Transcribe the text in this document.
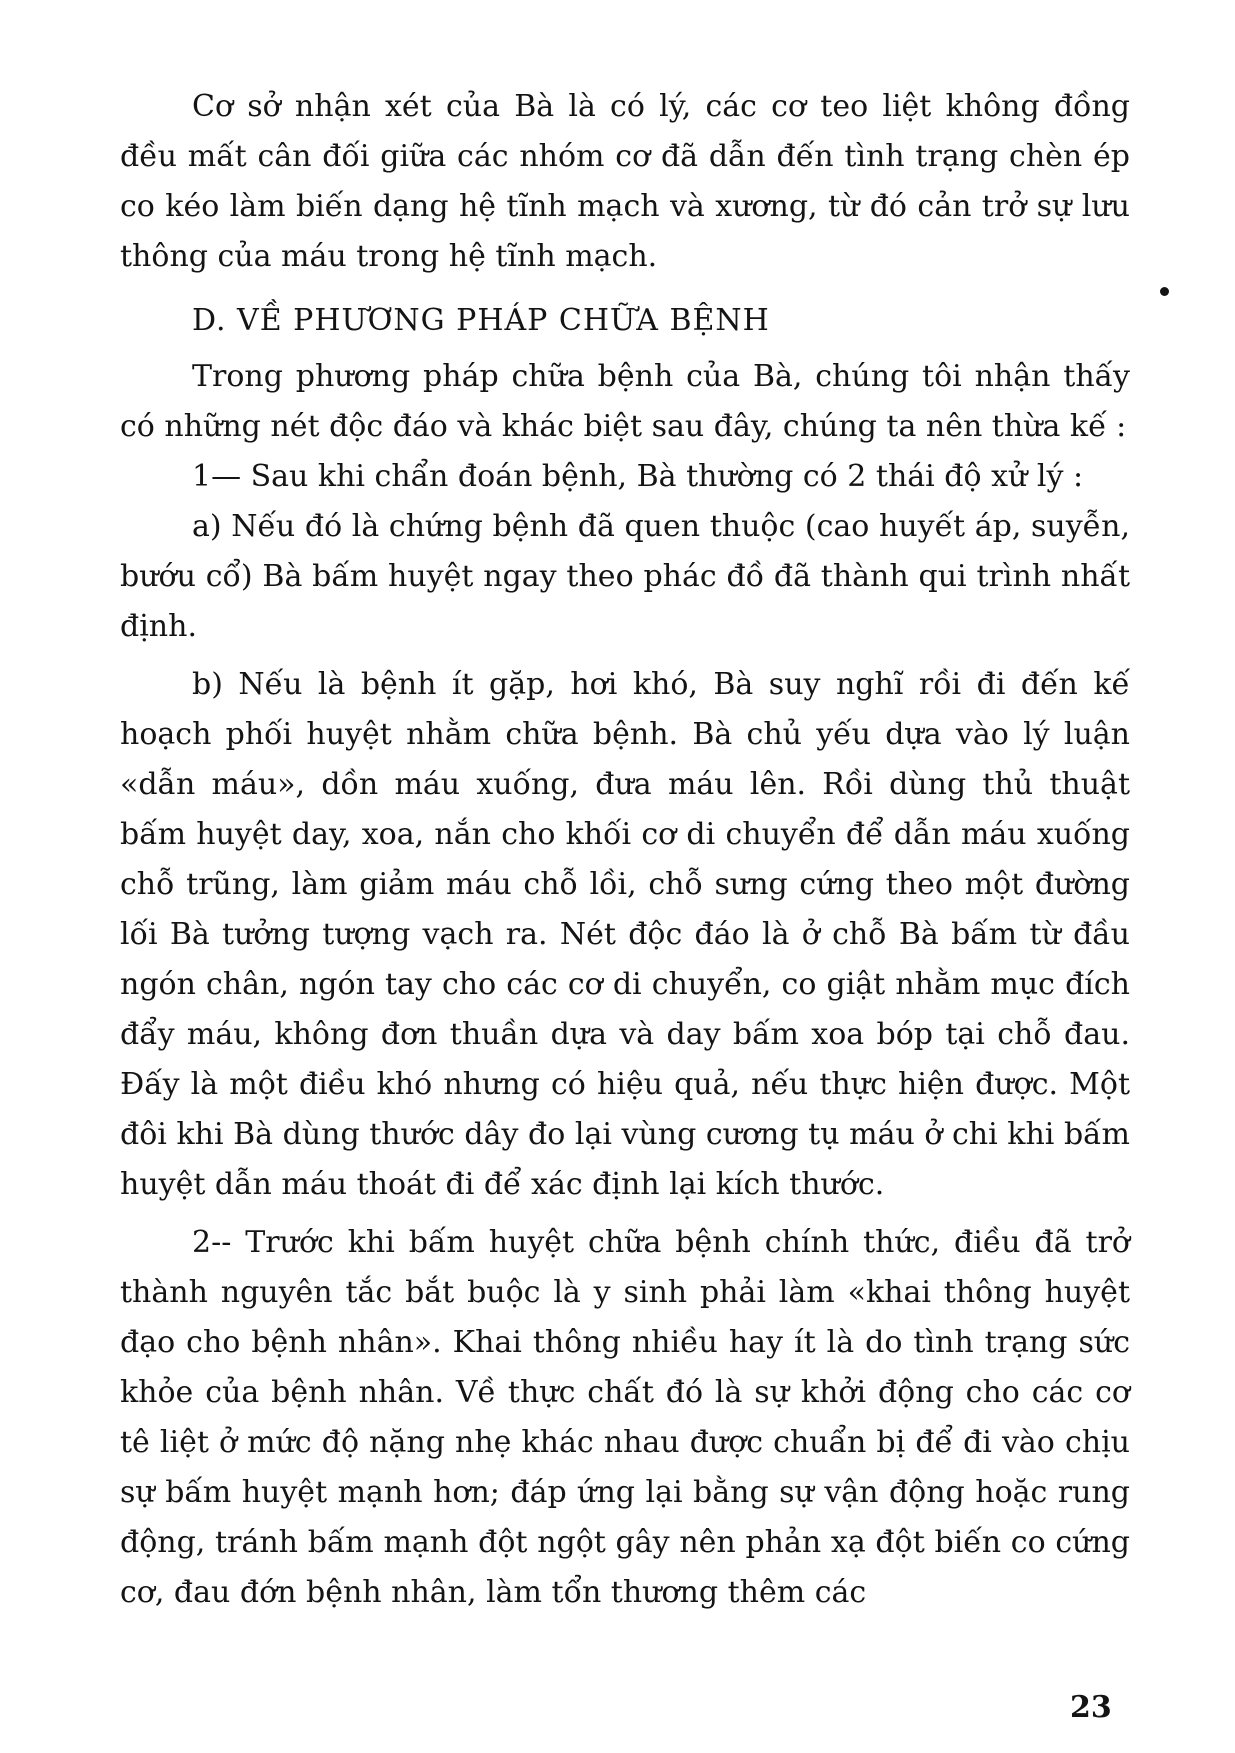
Cơ sở nhận xét của Bà là có lý, các cơ teo liệt không đồng đều mất cân đối giữa các nhóm cơ đã dẫn đến tình trạng chèn ép co kéo làm biến dạng hệ tĩnh mạch và xương, từ đó cản trở sự lưu thông của máu trong hệ tĩnh mạch.

D. VỀ PHƯƠNG PHÁP CHỮA BỆNH

Trong phương pháp chữa bệnh của Bà, chúng tôi nhận thấy có những nét độc đáo và khác biệt sau đây, chúng ta nên thừa kế :

1— Sau khi chẩn đoán bệnh, Bà thường có 2 thái độ xử lý :

a) Nếu đó là chứng bệnh đã quen thuộc (cao huyết áp, suyễn, bướu cổ) Bà bấm huyệt ngay theo phác đồ đã thành qui trình nhất định.

b) Nếu là bệnh ít gặp, hơi khó, Bà suy nghĩ rồi đi đến kế hoạch phối huyệt nhằm chữa bệnh. Bà chủ yếu dựa vào lý luận «dẫn máu», dồn máu xuống, đưa máu lên. Rồi dùng thủ thuật bấm huyệt day, xoa, nắn cho khối cơ di chuyển để dẫn máu xuống chỗ trũng, làm giảm máu chỗ lồi, chỗ sưng cứng theo một đường lối Bà tưởng tượng vạch ra. Nét độc đáo là ở chỗ Bà bấm từ đầu ngón chân, ngón tay cho các cơ di chuyển, co giật nhằm mục đích đẩy máu, không đơn thuần dựa và day bấm xoa bóp tại chỗ đau. Đấy là một điều khó nhưng có hiệu quả, nếu thực hiện được. Một đôi khi Bà dùng thước dây đo lại vùng cương tụ máu ở chi khi bấm huyệt dẫn máu thoát đi để xác định lại kích thước.

2-- Trước khi bấm huyệt chữa bệnh chính thức, điều đã trở thành nguyên tắc bắt buộc là y sinh phải làm «khai thông huyệt đạo cho bệnh nhân». Khai thông nhiều hay ít là do tình trạng sức khỏe của bệnh nhân. Về thực chất đó là sự khởi động cho các cơ tê liệt ở mức độ nặng nhẹ khác nhau được chuẩn bị để đi vào chịu sự bấm huyệt mạnh hơn; đáp ứng lại bằng sự vận động hoặc rung động, tránh bấm mạnh đột ngột gây nên phản xạ đột biến co cứng cơ, đau đớn bệnh nhân, làm tổn thương thêm các

23
